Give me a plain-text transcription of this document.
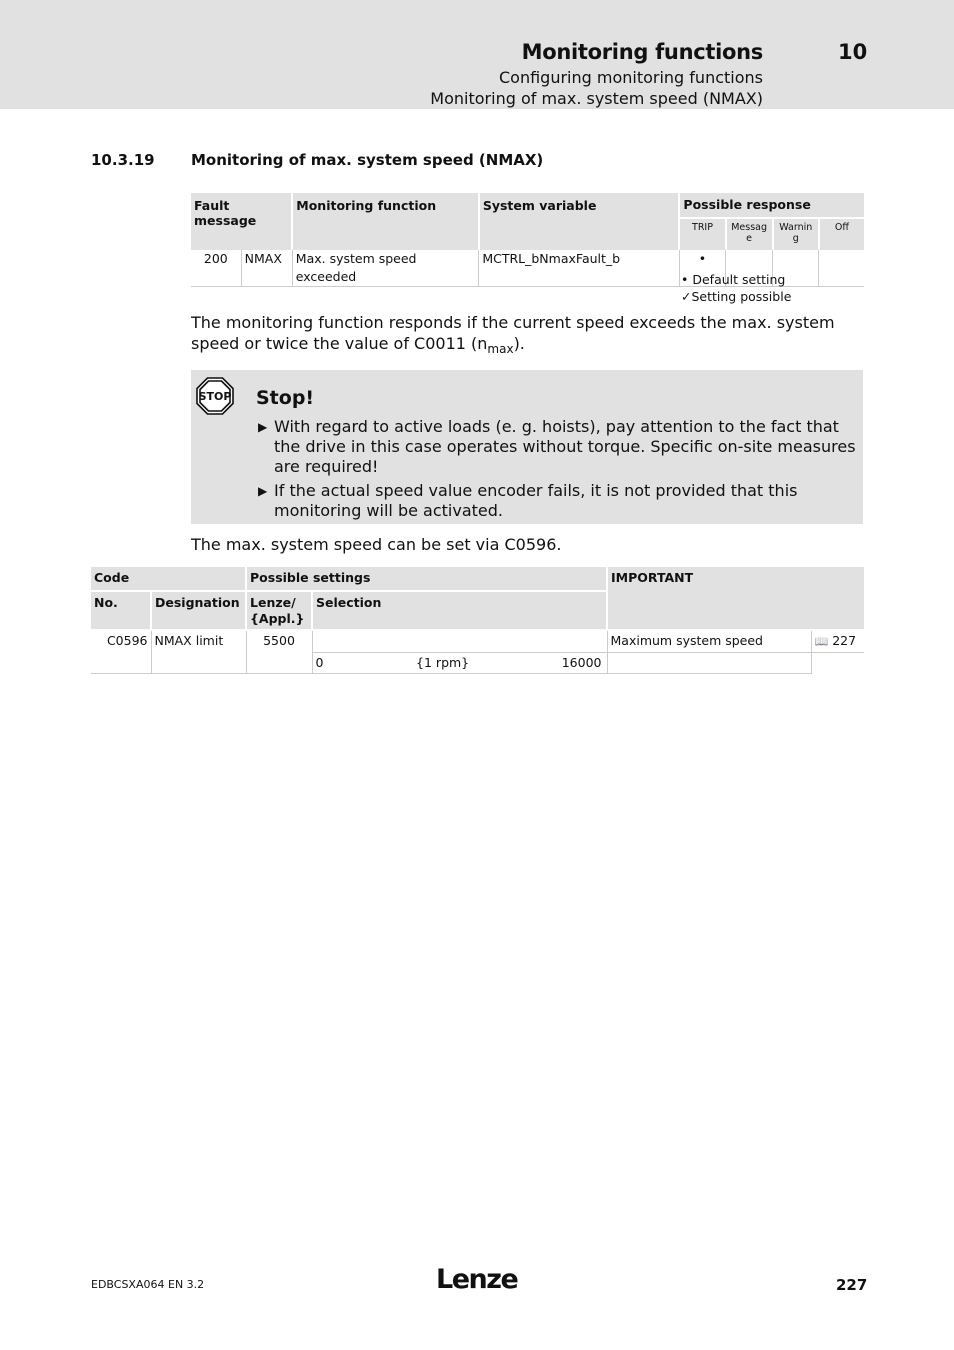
Monitoring functions	10
Configuring monitoring functions
Monitoring of max. system speed (NMAX)
10.3.19 Monitoring of max. system speed (NMAX)
Fault message		Monitoring function	System variable	Possible response			
				TRIP	Messag e	Warnin g	Off
200	NMAX	Max. system speed exceeded	MCTRL_bNmaxFault_b	•			
• Default setting
✓Setting possible
The monitoring function responds if the current speed exceeds the max. system speed or twice the value of C0011 $(n_{max})$.
STOP Stop!
▶ With regard to active loads (e. g. hoists), pay attention to the fact that the drive in this case operates without torque. Specific on-site measures are required!
▶ If the actual speed value encoder fails, it is not provided that this monitoring will be activated.
The max. system speed can be set via C0596.
Code		Possible settings		IMPORTANT	
No.	Designation	Lenze/ {Appl.}	Selection		
C0596	NMAX limit	5500		Maximum system speed	📖 227

			0 {1 rpm} 16000		

EDBCSXA064 EN 3.2	Lenze	227
